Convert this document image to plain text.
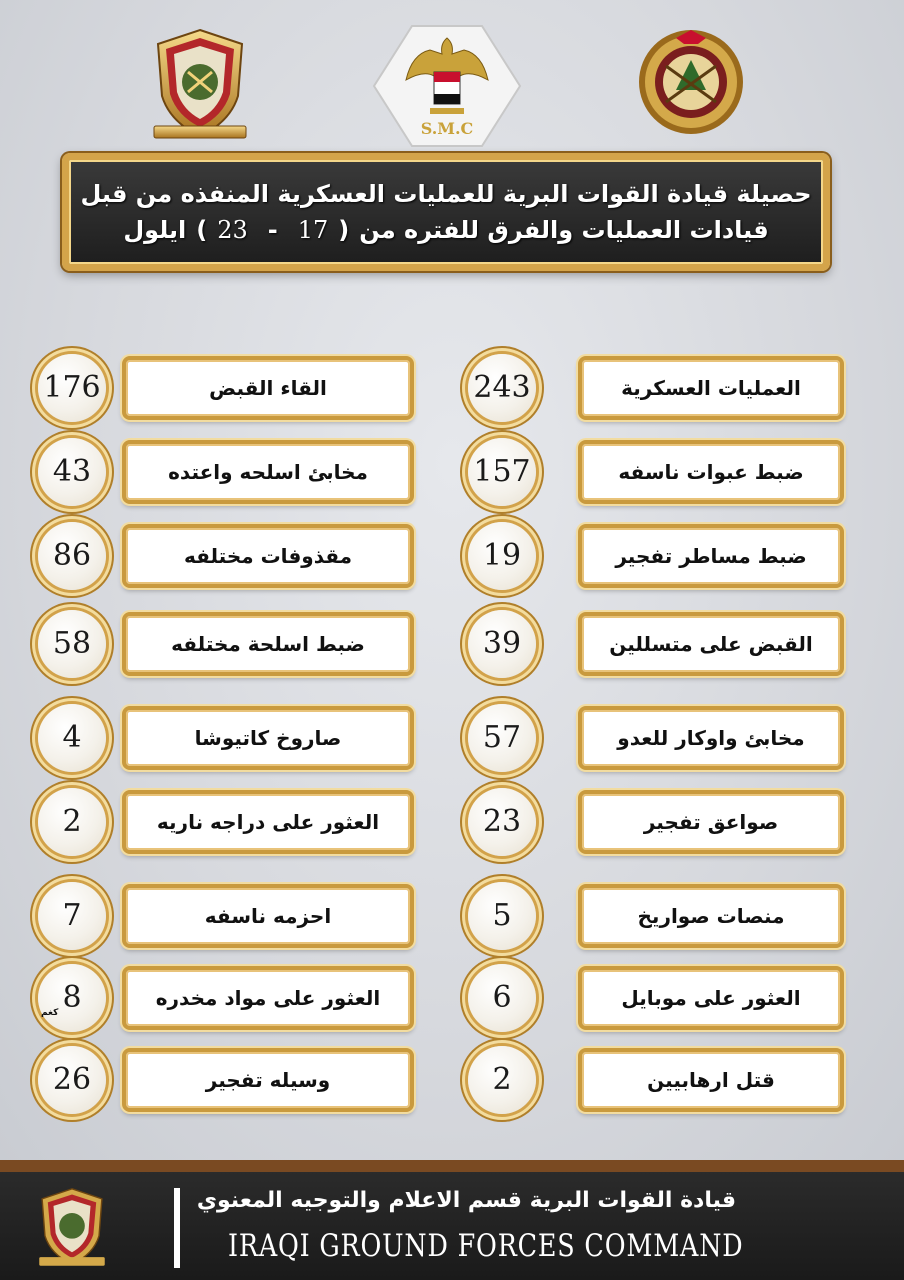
S.M.C
حصيلة قيادة القوات البرية للعمليات العسكرية المنفذه من قبل
قيادات العمليات والفرق للفتره من(17-23)ايلول
العمليات العسكرية
243
ضبط عبوات ناسفه
157
ضبط مساطر تفجير
19
القبض على متسللين
39
مخابئ واوكار للعدو
57
صواعق تفجير
23
منصات صواريخ
5
العثور على موبايل
6
قتل ارهابيين
2
القاء القبض
176
مخابئ اسلحه واعتده
43
مقذوفات مختلفه
86
ضبط اسلحة مختلفه
58
صاروخ كاتيوشا
4
العثور على دراجه ناريه
2
احزمه ناسفه
7
العثور على مواد مخدره
8
كغم
وسيله تفجير
26
قيادة القوات البرية قسم الاعلام والتوجيه المعنوي
IRAQI GROUND FORCES COMMAND
